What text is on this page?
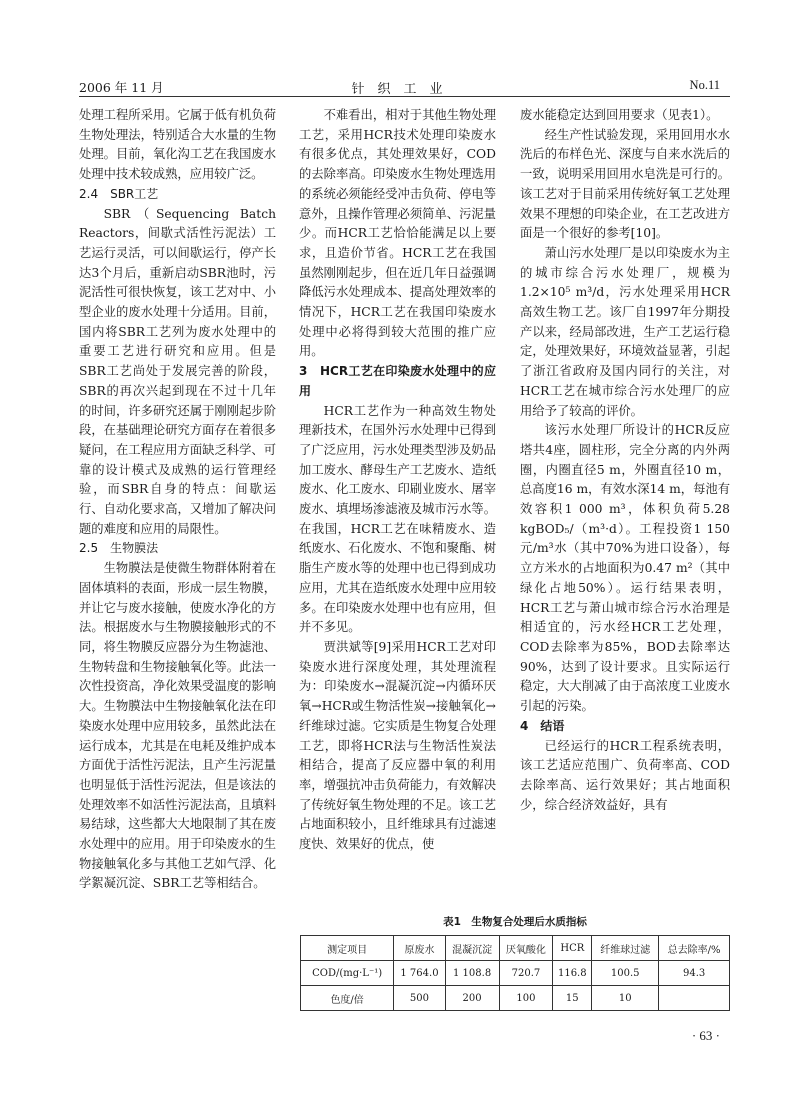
2006 年 11 月	针织工业	No.11

处理工程所采用。它属于低有机负荷生物处理法，特别适合大水量的生物处理。目前，氧化沟工艺在我国废水处理中技术较成熟，应用较广泛。

2.4　SBR工艺

SBR（Sequencing Batch Reactors，间歇式活性污泥法）工艺运行灵活，可以间歇运行，停产长达3个月后，重新启动SBR池时，污泥活性可很快恢复，该工艺对中、小型企业的废水处理十分适用。目前，国内将SBR工艺列为废水处理中的重要工艺进行研究和应用。但是SBR工艺尚处于发展完善的阶段，SBR的再次兴起到现在不过十几年的时间，许多研究还属于刚刚起步阶段，在基础理论研究方面存在着很多疑问，在工程应用方面缺乏科学、可靠的设计模式及成熟的运行管理经验，而SBR自身的特点：间歇运行、自动化要求高，又增加了解决问题的难度和应用的局限性。

2.5　生物膜法

生物膜法是使微生物群体附着在固体填料的表面，形成一层生物膜，并让它与废水接触，使废水净化的方法。根据废水与生物膜接触形式的不同，将生物膜反应器分为生物滤池、生物转盘和生物接触氧化等。此法一次性投资高，净化效果受温度的影响大。生物膜法中生物接触氧化法在印染废水处理中应用较多，虽然此法在运行成本，尤其是在电耗及维护成本方面优于活性污泥法，且产生污泥量也明显低于活性污泥法，但是该法的处理效率不如活性污泥法高，且填料易结球，这些都大大地限制了其在废水处理中的应用。用于印染废水的生物接触氧化多与其他工艺如气浮、化学絮凝沉淀、SBR工艺等相结合。

不难看出，相对于其他生物处理工艺，采用HCR技术处理印染废水有很多优点，其处理效果好，COD的去除率高。印染废水生物处理选用的系统必须能经受冲击负荷、停电等意外，且操作管理必须简单、污泥量少。而HCR工艺恰恰能满足以上要求，且造价节省。HCR工艺在我国虽然刚刚起步，但在近几年日益强调降低污水处理成本、提高处理效率的情况下，HCR工艺在我国印染废水处理中必将得到较大范围的推广应用。

3　HCR工艺在印染废水处理中的应用

HCR工艺作为一种高效生物处理新技术，在国外污水处理中已得到了广泛应用，污水处理类型涉及奶品加工废水、酵母生产工艺废水、造纸废水、化工废水、印刷业废水、屠宰废水、填埋场渗滤液及城市污水等。在我国，HCR工艺在味精废水、造纸废水、石化废水、不饱和聚酯、树脂生产废水等的处理中也已得到成功应用，尤其在造纸废水处理中应用较多。在印染废水处理中也有应用，但并不多见。

贾洪斌等[9]采用HCR工艺对印染废水进行深度处理，其处理流程为：印染废水→混凝沉淀→内循环厌氧→HCR或生物活性炭→接触氧化→纤维球过滤。它实质是生物复合处理工艺，即将HCR法与生物活性炭法相结合，提高了反应器中氧的利用率，增强抗冲击负荷能力，有效解决了传统好氧生物处理的不足。该工艺占地面积较小，且纤维球具有过滤速度快、效果好的优点，使

废水能稳定达到回用要求（见表1）。

经生产性试验发现，采用回用水水洗后的布样色光、深度与自来水洗后的一致，说明采用回用水皂洗是可行的。该工艺对于目前采用传统好氧工艺处理效果不理想的印染企业，在工艺改进方面是一个很好的参考[10]。

萧山污水处理厂是以印染废水为主的城市综合污水处理厂，规模为1.2×10⁵ m³/d，污水处理采用HCR高效生物工艺。该厂自1997年分期投产以来，经局部改进，生产工艺运行稳定，处理效果好，环境效益显著，引起了浙江省政府及国内同行的关注，对HCR工艺在城市综合污水处理厂的应用给予了较高的评价。

该污水处理厂所设计的HCR反应塔共4座，圆柱形，完全分离的内外两圈，内圈直径5 m，外圈直径10 m，总高度16 m，有效水深14 m，每池有效容积1 000 m³，体积负荷5.28 kgBOD₅/（m³·d）。工程投资1 150元/m³水（其中70%为进口设备），每立方米水的占地面积为0.47 m²（其中绿化占地50%）。运行结果表明，HCR工艺与萧山城市综合污水治理是相适宜的，污水经HCR工艺处理，COD去除率为85%，BOD去除率达90%，达到了设计要求。且实际运行稳定，大大削减了由于高浓度工业废水引起的污染。

4　结语

已经运行的HCR工程系统表明，该工艺适应范围广、负荷率高、COD去除率高、运行效果好；其占地面积少，综合经济效益好，具有

表1　生物复合处理后水质指标
测定项目	原废水	混凝沉淀	厌氧酸化	HCR	纤维球过滤	总去除率/%
COD/(mg·L⁻¹)	1 764.0	1 108.8	720.7	116.8	100.5	94.3
色度/倍	500	200	100	15	10	
· 63 ·
